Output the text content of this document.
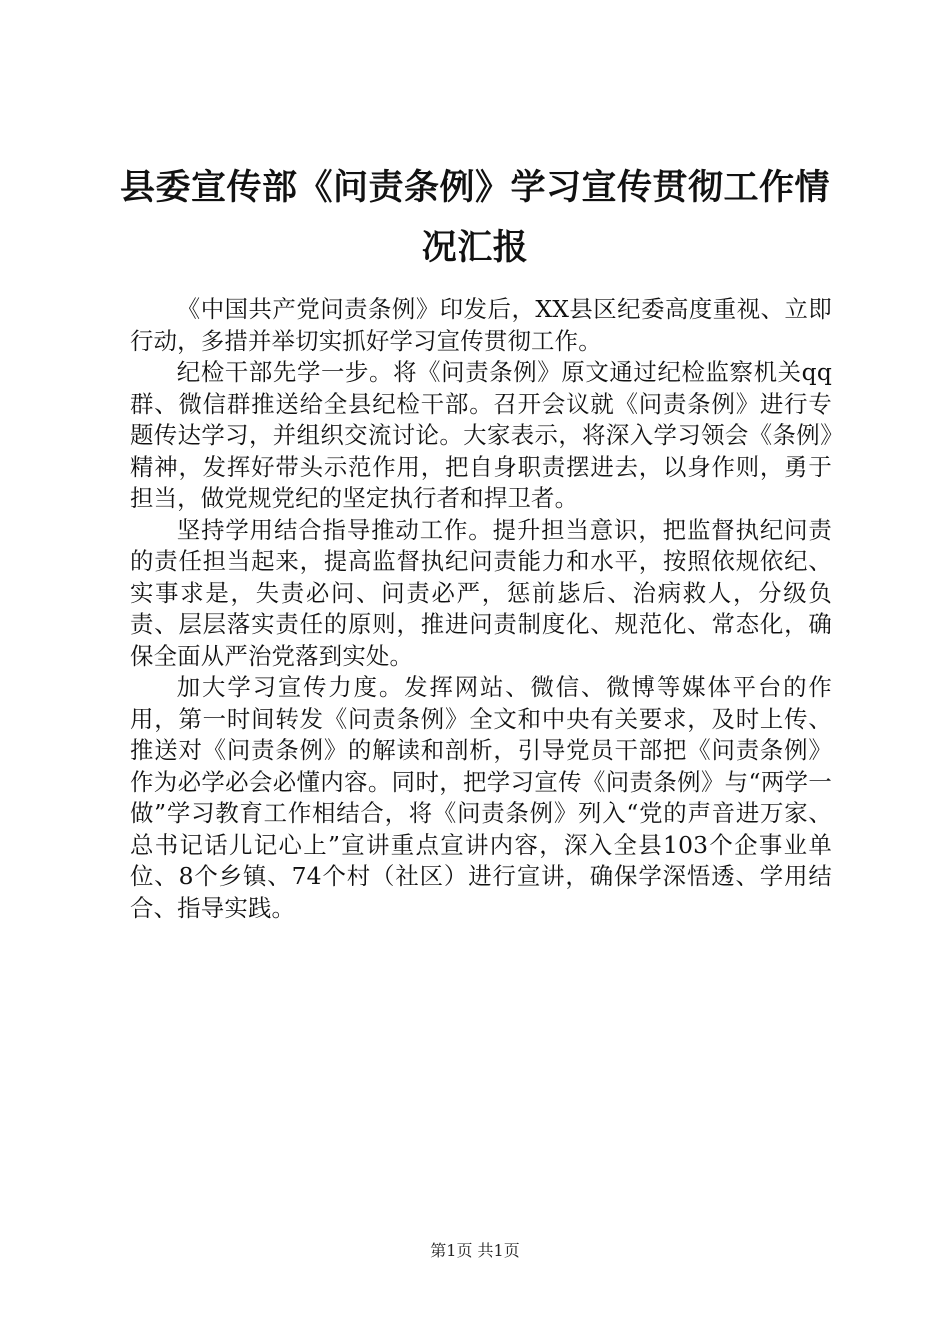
县委宣传部《问责条例》学习宣传贯彻工作情况汇报

《中国共产党问责条例》印发后，XX县区纪委高度重视、立即行动，多措并举切实抓好学习宣传贯彻工作。

纪检干部先学一步。将《问责条例》原文通过纪检监察机关qq群、微信群推送给全县纪检干部。召开会议就《问责条例》进行专题传达学习，并组织交流讨论。大家表示，将深入学习领会《条例》精神，发挥好带头示范作用，把自身职责摆进去，以身作则，勇于担当，做党规党纪的坚定执行者和捍卫者。

坚持学用结合指导推动工作。提升担当意识，把监督执纪问责的责任担当起来，提高监督执纪问责能力和水平，按照依规依纪、实事求是，失责必问、问责必严，惩前毖后、治病救人，分级负责、层层落实责任的原则，推进问责制度化、规范化、常态化，确保全面从严治党落到实处。

加大学习宣传力度。发挥网站、微信、微博等媒体平台的作用，第一时间转发《问责条例》全文和中央有关要求，及时上传、推送对《问责条例》的解读和剖析，引导党员干部把《问责条例》作为必学必会必懂内容。同时，把学习宣传《问责条例》与“两学一做”学习教育工作相结合，将《问责条例》列入“党的声音进万家、总书记话儿记心上”宣讲重点宣讲内容，深入全县103个企事业单位、8个乡镇、74个村（社区）进行宣讲，确保学深悟透、学用结合、指导实践。

第1页 共1页
